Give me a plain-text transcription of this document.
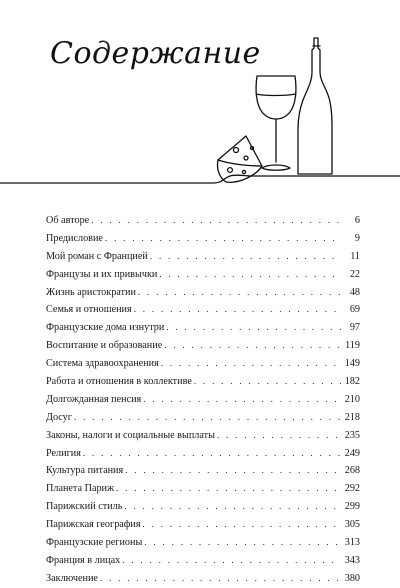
Содержание
Об авторе . . .	6
Предисловие . . .	9
Мой роман с Францией . . .	11
Французы и их привычки . . .	22
Жизнь аристократии . . .	48
Семья и отношения . . .	69
Французские дома изнутри . . .	97
Воспитание и образование . . .	119
Система здравоохранения . . .	149
Работа и отношения в коллективе . . .	182
Долгожданная пенсия . . .	210
Досуг . . .	218
Законы, налоги и социальные выплаты . . .	235
Религия . . .	249
Культура питания . . .	268
Планета Париж . . .	292
Парижский стиль . . .	299
Парижская география . . .	305
Французские регионы . . .	313
Франция в лицах . . .	343
Заключение . . .	380
